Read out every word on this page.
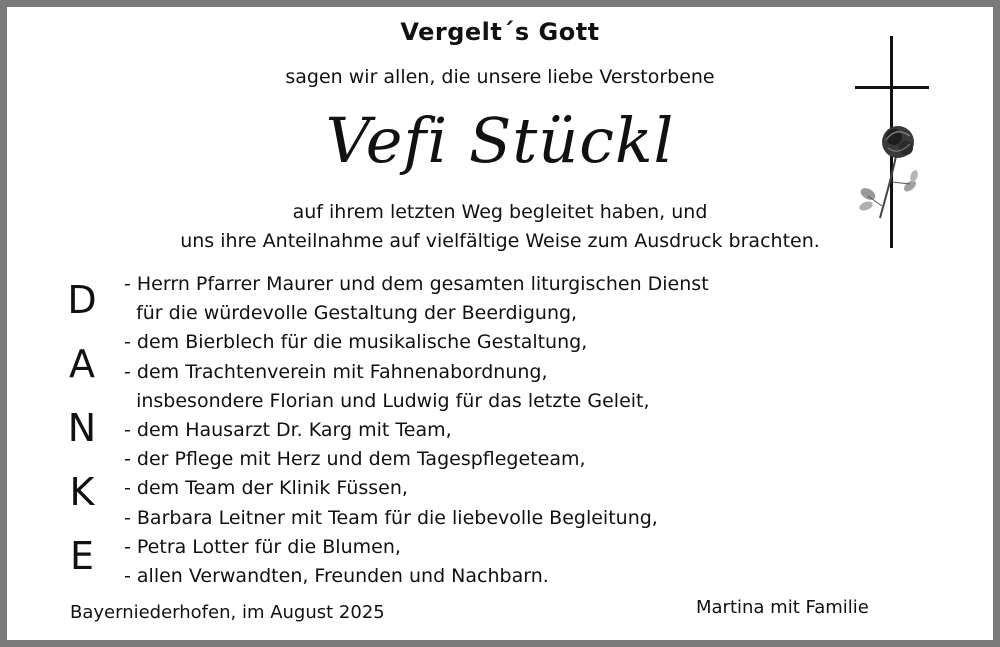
Vergelt´s Gott
sagen wir allen, die unsere liebe Verstorbene
Vefi Stückl
auf ihrem letzten Weg begleitet haben, und
uns ihre Anteilnahme auf vielfältige Weise zum Ausdruck brachten.
D
A
N
K
E
- Herrn Pfarrer Maurer und dem gesamten liturgischen Dienst
für die würdevolle Gestaltung der Beerdigung,
- dem Bierblech für die musikalische Gestaltung,
- dem Trachtenverein mit Fahnenabordnung,
insbesondere Florian und Ludwig für das letzte Geleit,
- dem Hausarzt Dr. Karg mit Team,
- der Pflege mit Herz und dem Tagespflegeteam,
- dem Team der Klinik Füssen,
- Barbara Leitner mit Team für die liebevolle Begleitung,
- Petra Lotter für die Blumen,
- allen Verwandten, Freunden und Nachbarn.
Bayerniederhofen, im August 2025	Martina mit Familie
